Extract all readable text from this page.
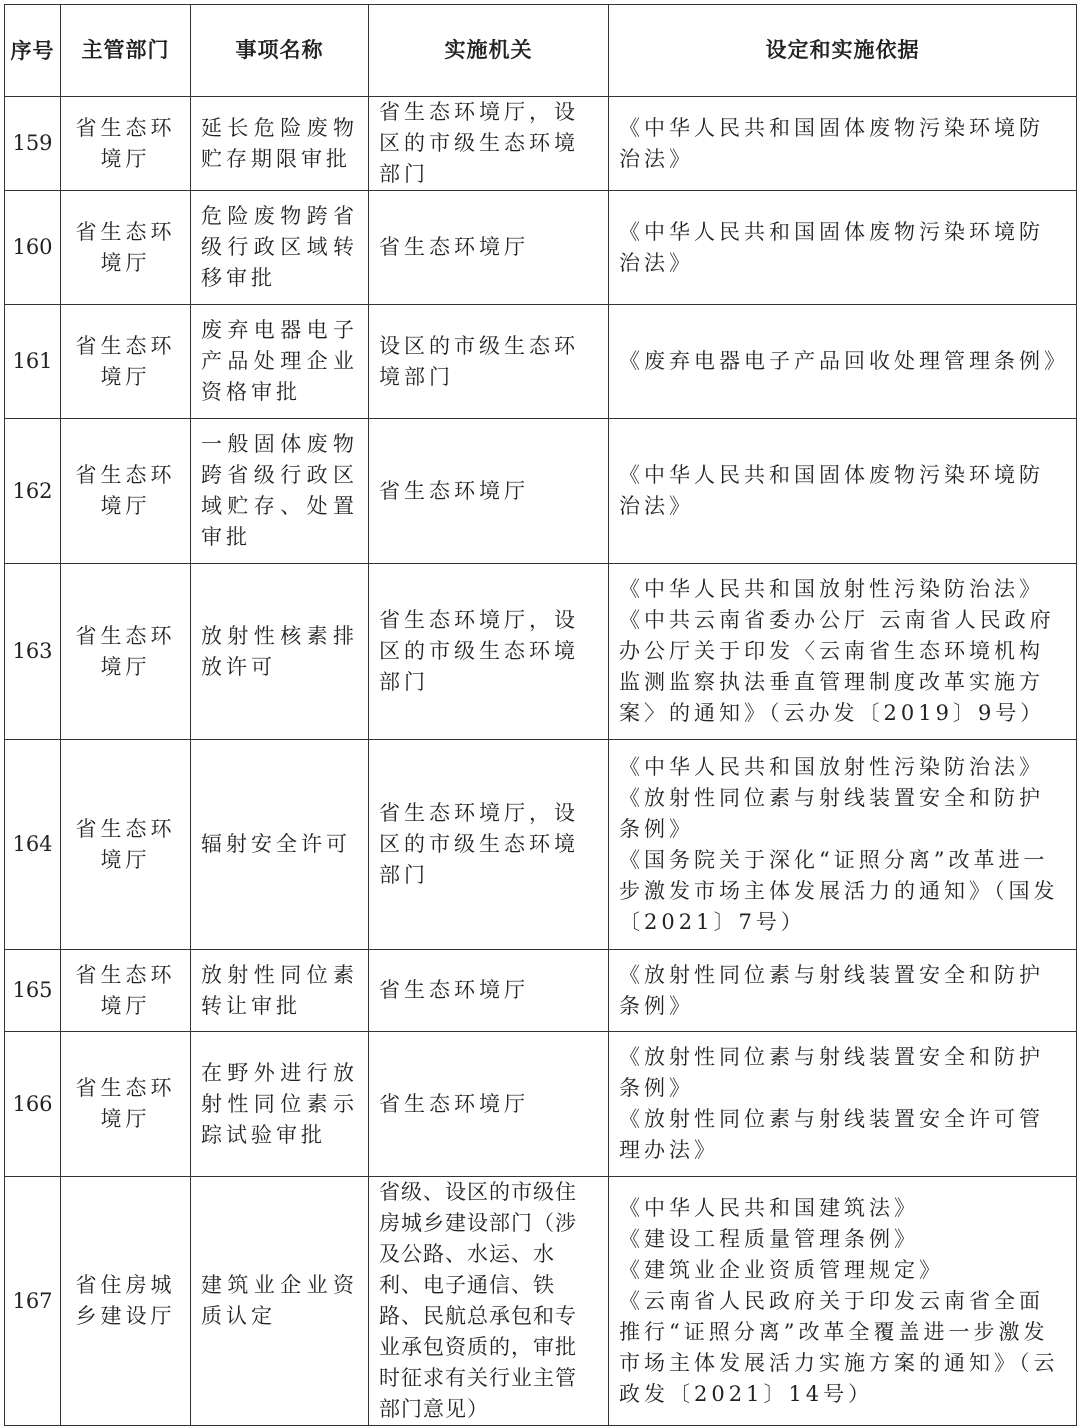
序号	主管部门	事项名称	实施机关	设定和实施依据
159	省生态环境厅	延长危险废物贮存期限审批	省生态环境厅，设区的市级生态环境部门	《中华人民共和国固体废物污染环境防治法》

160	省生态环境厅	危险废物跨省级行政区域转移审批	省生态环境厅	《中华人民共和国固体废物污染环境防治法》

161	省生态环境厅	废弃电器电子产品处理企业资格审批	设区的市级生态环境部门	《废弃电器电子产品回收处理管理条例》

162	省生态环境厅	一般固体废物跨省级行政区域贮存、处置审批	省生态环境厅	《中华人民共和国固体废物污染环境防治法》

163	省生态环境厅	放射性核素排放许可	省生态环境厅，设区的市级生态环境部门	《中华人民共和国放射性污染防治法》
《中共云南省委办公厅 云南省人民政府办公厅关于印发〈云南省生态环境机构监测监察执法垂直管理制度改革实施方案〉的通知》（云办发〔2019〕9号）

164	省生态环境厅	辐射安全许可	省生态环境厅，设区的市级生态环境部门	《中华人民共和国放射性污染防治法》
《放射性同位素与射线装置安全和防护条例》
《国务院关于深化“证照分离”改革进一步激发市场主体发展活力的通知》（国发〔2021〕7号）

165	省生态环境厅	放射性同位素转让审批	省生态环境厅	《放射性同位素与射线装置安全和防护条例》

166	省生态环境厅	在野外进行放射性同位素示踪试验审批	省生态环境厅	《放射性同位素与射线装置安全和防护条例》
《放射性同位素与射线装置安全许可管理办法》

167	省住房城乡建设厅	建筑业企业资质认定	省级、设区的市级住房城乡建设部门（涉及公路、水运、水利、电子通信、铁路、民航总承包和专业承包资质的，审批时征求有关行业主管部门意见）	《中华人民共和国建筑法》
《建设工程质量管理条例》
《建筑业企业资质管理规定》
《云南省人民政府关于印发云南省全面推行“证照分离”改革全覆盖进一步激发市场主体发展活力实施方案的通知》（云政发〔2021〕14号）
